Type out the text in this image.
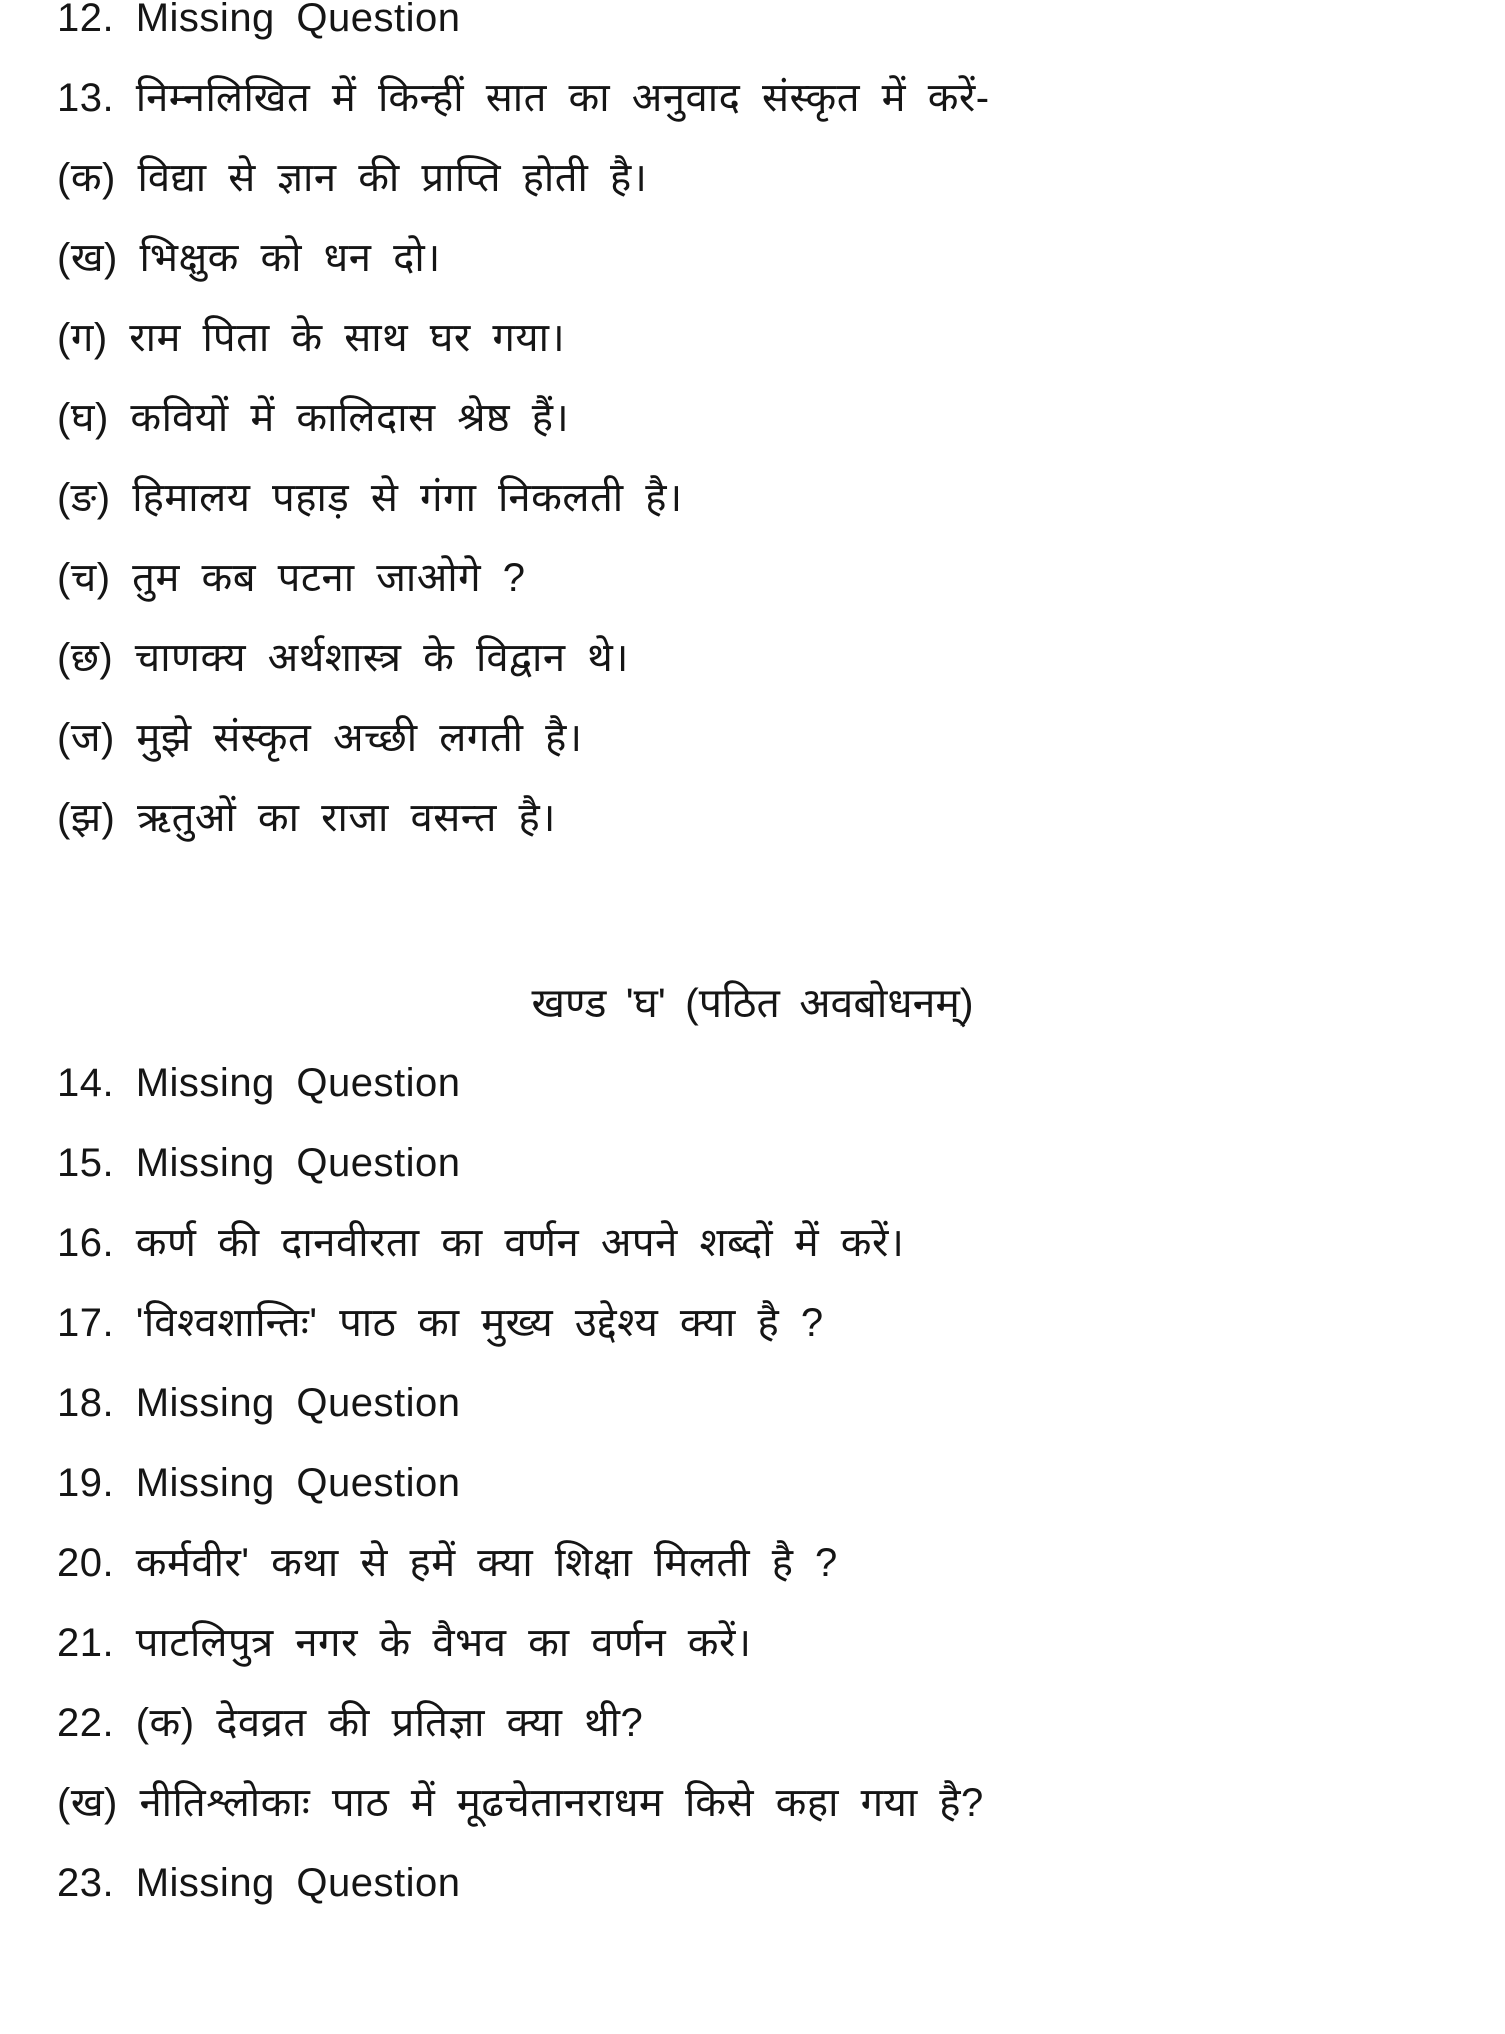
12. Missing Question
13. निम्नलिखित में किन्हीं सात का अनुवाद संस्कृत में करें-
(क) विद्या से ज्ञान की प्राप्ति होती है।
(ख) भिक्षुक को धन दो।
(ग) राम पिता के साथ घर गया।
(घ) कवियों में कालिदास श्रेष्ठ हैं।
(ङ) हिमालय पहाड़ से गंगा निकलती है।
(च) तुम कब पटना जाओगे ?
(छ) चाणक्य अर्थशास्त्र के विद्वान थे।
(ज) मुझे संस्कृत अच्छी लगती है।
(झ) ऋतुओं का राजा वसन्त है।
खण्ड 'घ' (पठित अवबोधनम्)
14. Missing Question
15. Missing Question
16. कर्ण की दानवीरता का वर्णन अपने शब्दों में करें।
17. 'विश्वशान्तिः' पाठ का मुख्य उद्देश्य क्या है ?
18. Missing Question
19. Missing Question
20. कर्मवीर' कथा से हमें क्या शिक्षा मिलती है ?
21. पाटलिपुत्र नगर के वैभव का वर्णन करें।
22. (क) देवव्रत की प्रतिज्ञा क्या थी?
(ख) नीतिश्लोकाः पाठ में मूढचेतानराधम किसे कहा गया है?
23. Missing Question
